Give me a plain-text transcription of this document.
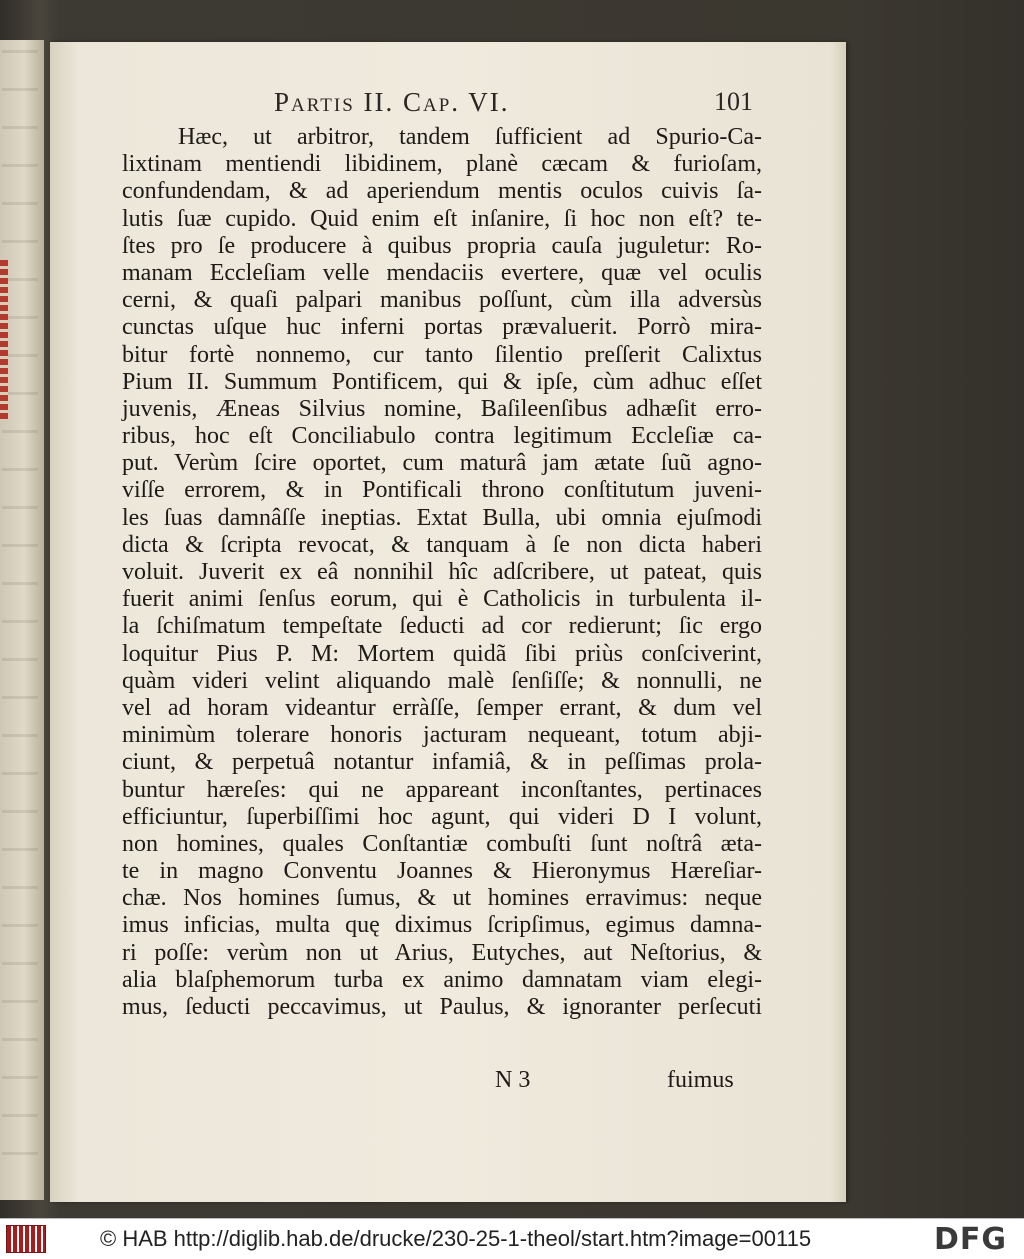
Partis II. Cap. VI.	101
Hæc, ut arbitror, tandem ſufficient ad Spurio-Ca-
lixtinam mentiendi libidinem, planè cæcam & furioſam,
confundendam, & ad aperiendum mentis oculos cuivis ſa-
lutis ſuæ cupido. Quid enim eſt inſanire, ſi hoc non eſt? te-
ſtes pro ſe producere à quibus propria cauſa juguletur: Ro-
manam Eccleſiam velle mendaciis evertere, quæ vel oculis
cerni, & quaſi palpari manibus poſſunt, cùm illa adversùs
cunctas uſque huc inferni portas prævaluerit. Porrò mira-
bitur fortè nonnemo, cur tanto ſilentio preſſerit Calixtus
Pium II. Summum Pontificem, qui & ipſe, cùm adhuc eſſet
juvenis, Æneas Silvius nomine, Baſileenſibus adhæſit erro-
ribus, hoc eſt Conciliabulo contra legitimum Eccleſiæ ca-
put. Verùm ſcire oportet, cum maturâ jam ætate ſuũ agno-
viſſe errorem, & in Pontificali throno conſtitutum juveni-
les ſuas damnâſſe ineptias. Extat Bulla, ubi omnia ejuſmodi
dicta & ſcripta revocat, & tanquam à ſe non dicta haberi
voluit. Juverit ex eâ nonnihil hîc adſcribere, ut pateat, quis
fuerit animi ſenſus eorum, qui è Catholicis in turbulenta il-
la ſchiſmatum tempeſtate ſeducti ad cor redierunt; ſic ergo
loquitur Pius P. M: Mortem quidã ſibi priùs conſciverint,
quàm videri velint aliquando malè ſenſiſſe; & nonnulli, ne
vel ad horam videantur erràſſe, ſemper errant, & dum vel
minimùm tolerare honoris jacturam nequeant, totum abji-
ciunt, & perpetuâ notantur infamiâ, & in peſſimas prola-
buntur hæreſes: qui ne appareant inconſtantes, pertinaces
efficiuntur, ſuperbiſſimi hoc agunt, qui videri D I volunt,
non homines, quales Conſtantiæ combuſti ſunt noſtrâ æta-
te in magno Conventu Joannes & Hieronymus Hæreſiar-
chæ. Nos homines ſumus, & ut homines erravimus: neque
imus inficias, multa quę diximus ſcripſimus, egimus damna-
ri poſſe: verùm non ut Arius, Eutyches, aut Neſtorius, &
alia blaſphemorum turba ex animo damnatam viam elegi-
mus, ſeducti peccavimus, ut Paulus, & ignoranter perſecuti
N 3	fuimus
© HAB http://diglib.hab.de/drucke/230-25-1-theol/start.htm?image=00115	DFG
